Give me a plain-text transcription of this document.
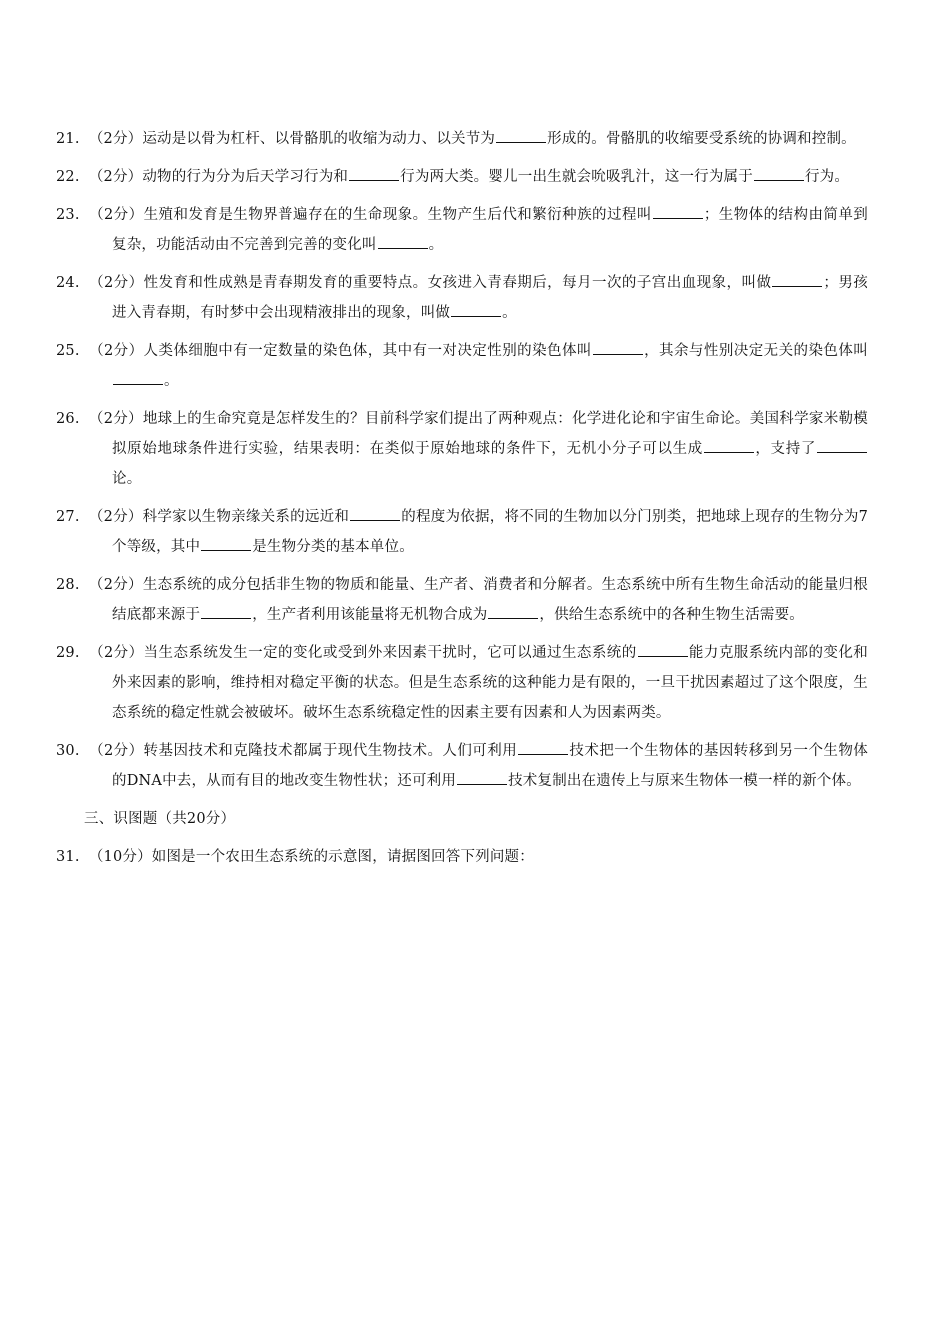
21. （2分）运动是以骨为杠杆、以骨骼肌的收缩为动力、以关节为	形成的。骨骼肌的收缩要受系统的协调和控制。

22. （2分）动物的行为分为后天学习行为和	行为两大类。婴儿一出生就会吮吸乳汁，这一行为属于	行为。

23. （2分）生殖和发育是生物界普遍存在的生命现象。生物产生后代和繁衍种族的过程叫	；生物体的结构由简单到复杂，功能活动由不完善到完善的变化叫	。

24. （2分）性发育和性成熟是青春期发育的重要特点。女孩进入青春期后，每月一次的子宫出血现象，叫做	；男孩进入青春期，有时梦中会出现精液排出的现象，叫做	。

25. （2分）人类体细胞中有一定数量的染色体，其中有一对决定性别的染色体叫	，其余与性别决定无关的染色体叫。

26. （2分）地球上的生命究竟是怎样发生的？目前科学家们提出了两种观点：化学进化论和宇宙生命论。美国科学家米勒模拟原始地球条件进行实验，结果表明：在类似于原始地球的条件下，无机小分子可以生成	，支持了论。

27. （2分）科学家以生物亲缘关系的远近和	的程度为依据，将不同的生物加以分门别类，把地球上现存的生物分为7个等级，其中	是生物分类的基本单位。

28. （2分）生态系统的成分包括非生物的物质和能量、生产者、消费者和分解者。生态系统中所有生物生命活动的能量归根结底都来源于	，生产者利用该能量将无机物合成为	，供给生态系统中的各种生物生活需要。

29. （2分）当生态系统发生一定的变化或受到外来因素干扰时，它可以通过生态系统的	能力克服系统内部的变化和外来因素的影响，维持相对稳定平衡的状态。但是生态系统的这种能力是有限的，一旦干扰因素超过了这个限度，生态系统的稳定性就会被破坏。破坏生态系统稳定性的因素主要有因素和人为因素两类。

30. （2分）转基因技术和克隆技术都属于现代生物技术。人们可利用	技术把一个生物体的基因转移到另一个生物体的DNA中去，从而有目的地改变生物性状；还可利用	技术复制出在遗传上与原来生物体一模一样的新个体。

三、识图题（共20分）

31. （10分）如图是一个农田生态系统的示意图，请据图回答下列问题：
